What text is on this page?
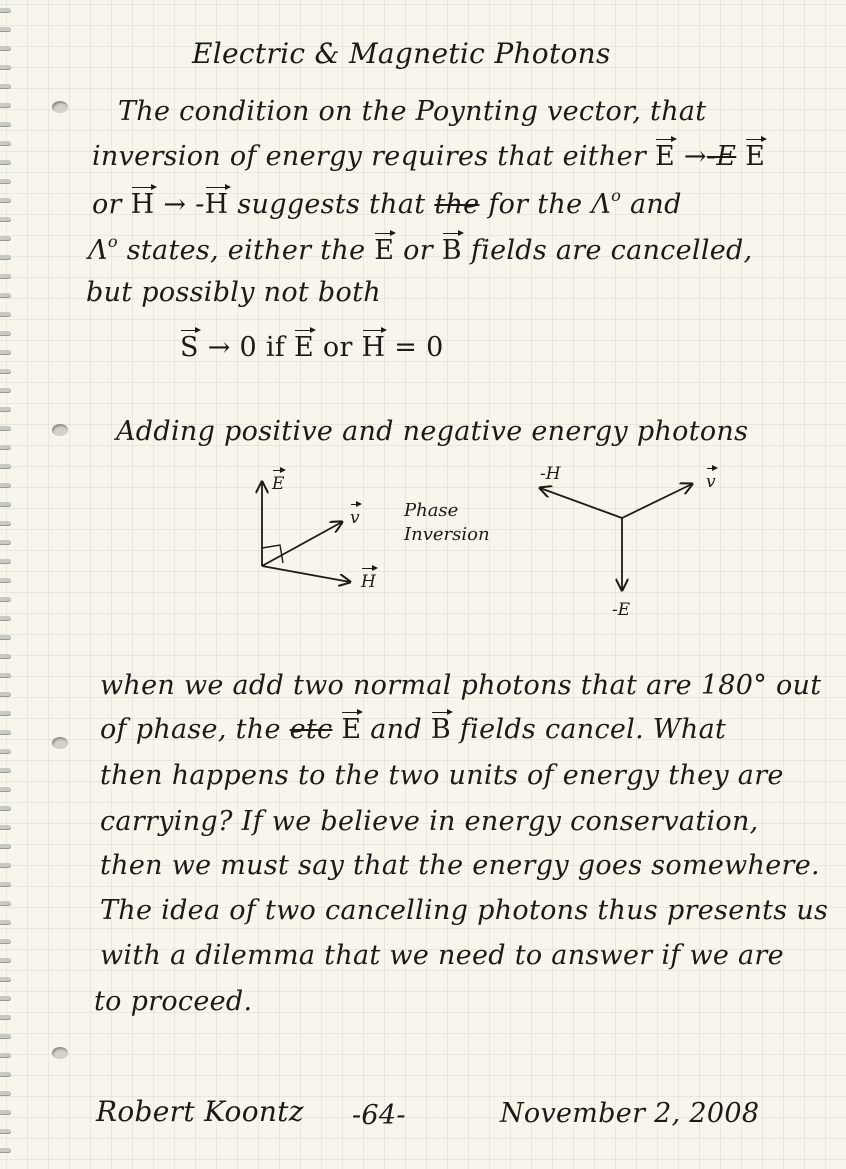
Electric & Magnetic Photons
The condition on the Poynting vector, that
inversion of energy requires that either E →-E E
or H → -H suggests that the for the $\Lambda^o$ and
$\Lambda^o$ states, either the E or B fields are cancelled,
but possibly not both
S → 0 if E or H = 0
Adding positive and negative energy photons
E
v
H
Phase
Inversion
-H	v
-E
when we add two normal photons that are 180° out
of phase, the etc E and B fields cancel. What
then happens to the two units of energy they are
carrying? If we believe in energy conservation,
then we must say that the energy goes somewhere.
The idea of two cancelling photons thus presents us
with a dilemma that we need to answer if we are
to proceed.
Robert Koontz -64-	November 2, 2008
